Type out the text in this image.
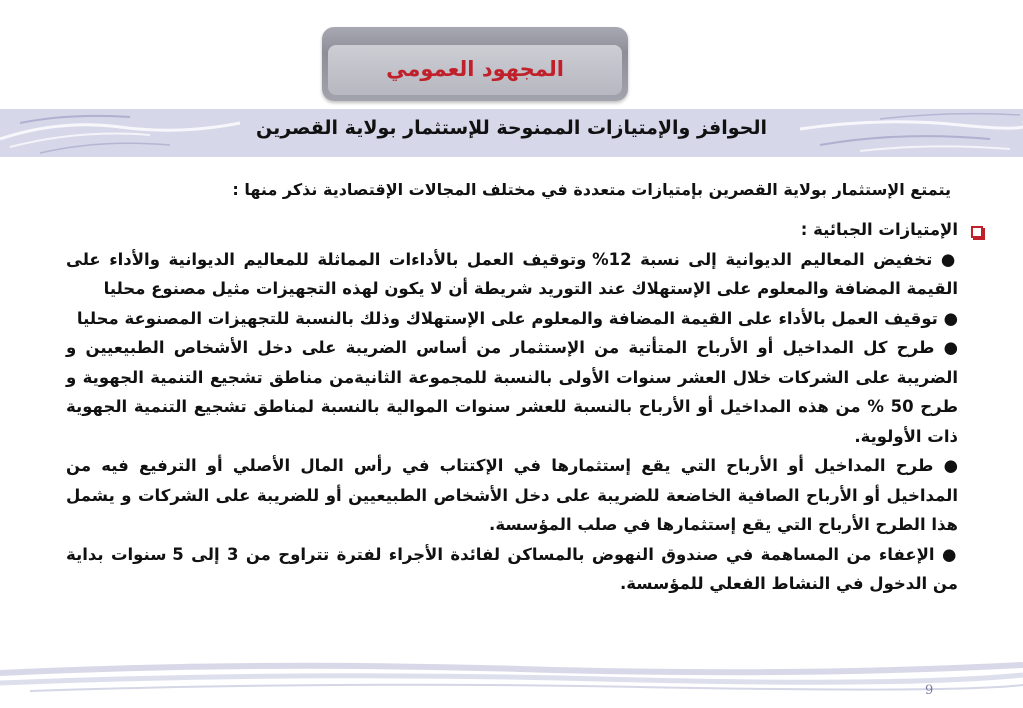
المجهود العمومي
الحوافز والإمتيازات الممنوحة للإستثمار بولاية القصرين
يتمتع الإستثمار بولاية القصرين بإمتيازات متعددة في مختلف المجالات الإقتصادية نذكر منها :

الإمتيازات الجبائية :

● تخفيض المعاليم الديوانية إلى نسبة 12% وتوقيف العمل بالأداءات المماثلة للمعاليم الديوانية والأداء على القيمة المضافة والمعلوم على الإستهلاك عند التوريد شريطة أن لا يكون لهذه التجهيزات مثيل مصنوع محليا

● توقيف العمل بالأداء على القيمة المضافة والمعلوم على الإستهلاك وذلك بالنسبة للتجهيزات المصنوعة محليا

● طرح كل المداخيل أو الأرباح المتأتية من الإستثمار من أساس الضريبة على دخل الأشخاص الطبيعيين و الضريبة على الشركات خلال العشر سنوات الأولى بالنسبة للمجموعة الثانيةمن مناطق تشجيع التنمية الجهوية و طرح 50 % من هذه المداخيل أو الأرباح بالنسبة للعشر سنوات الموالية بالنسبة لمناطق تشجيع التنمية الجهوية ذات الأولوية.

● طرح المداخيل أو الأرباح التي يقع إستثمارها في الإكتتاب في رأس المال الأصلي أو الترفيع فيه من المداخيل أو الأرباح الصافية الخاضعة للضريبة على دخل الأشخاص الطبيعيين أو للضريبة على الشركات و يشمل هذا الطرح الأرباح التي يقع إستثمارها في صلب المؤسسة.

● الإعفاء من المساهمة في صندوق النهوض بالمساكن لفائدة الأجراء لفترة تتراوح من 3 إلى 5 سنوات بداية من الدخول في النشاط الفعلي للمؤسسة.

9
